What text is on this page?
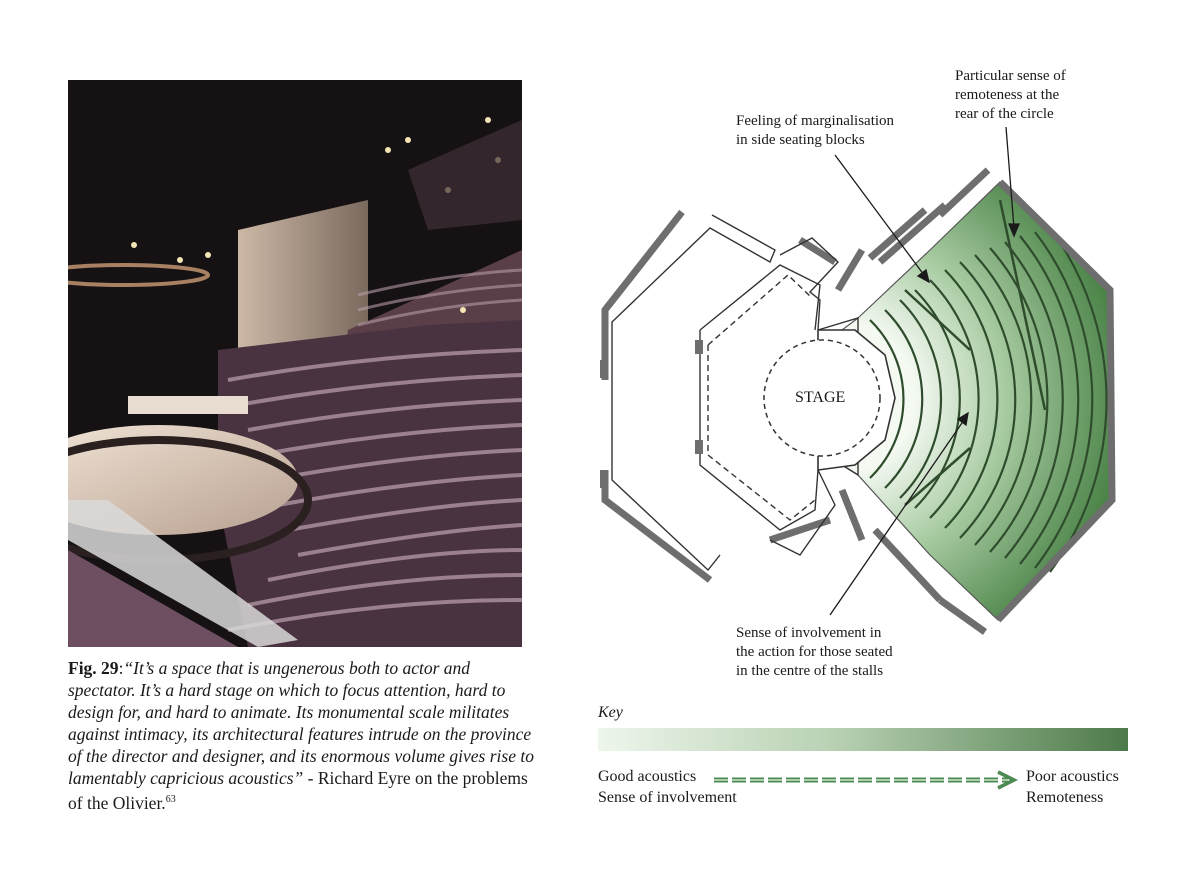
Fig. 29:“It’s a space that is ungenerous both to actor and spectator. It’s a hard stage on which to focus attention, hard to design for, and hard to animate. Its monumental scale militates against intimacy, its architectural features intrude on the province of the director and designer, and its enormous volume gives rise to lamentably capricious acoustics” - Richard Eyre on the problems of the Olivier.$^{63}$
STAGE
Particular sense of
remoteness at the
rear of the circle
Feeling of marginalisation
in side seating blocks
Sense of involvement in
the action for those seated
in the centre of the stalls
Key
Good acoustics
Sense of involvement
Poor acoustics
Remoteness
